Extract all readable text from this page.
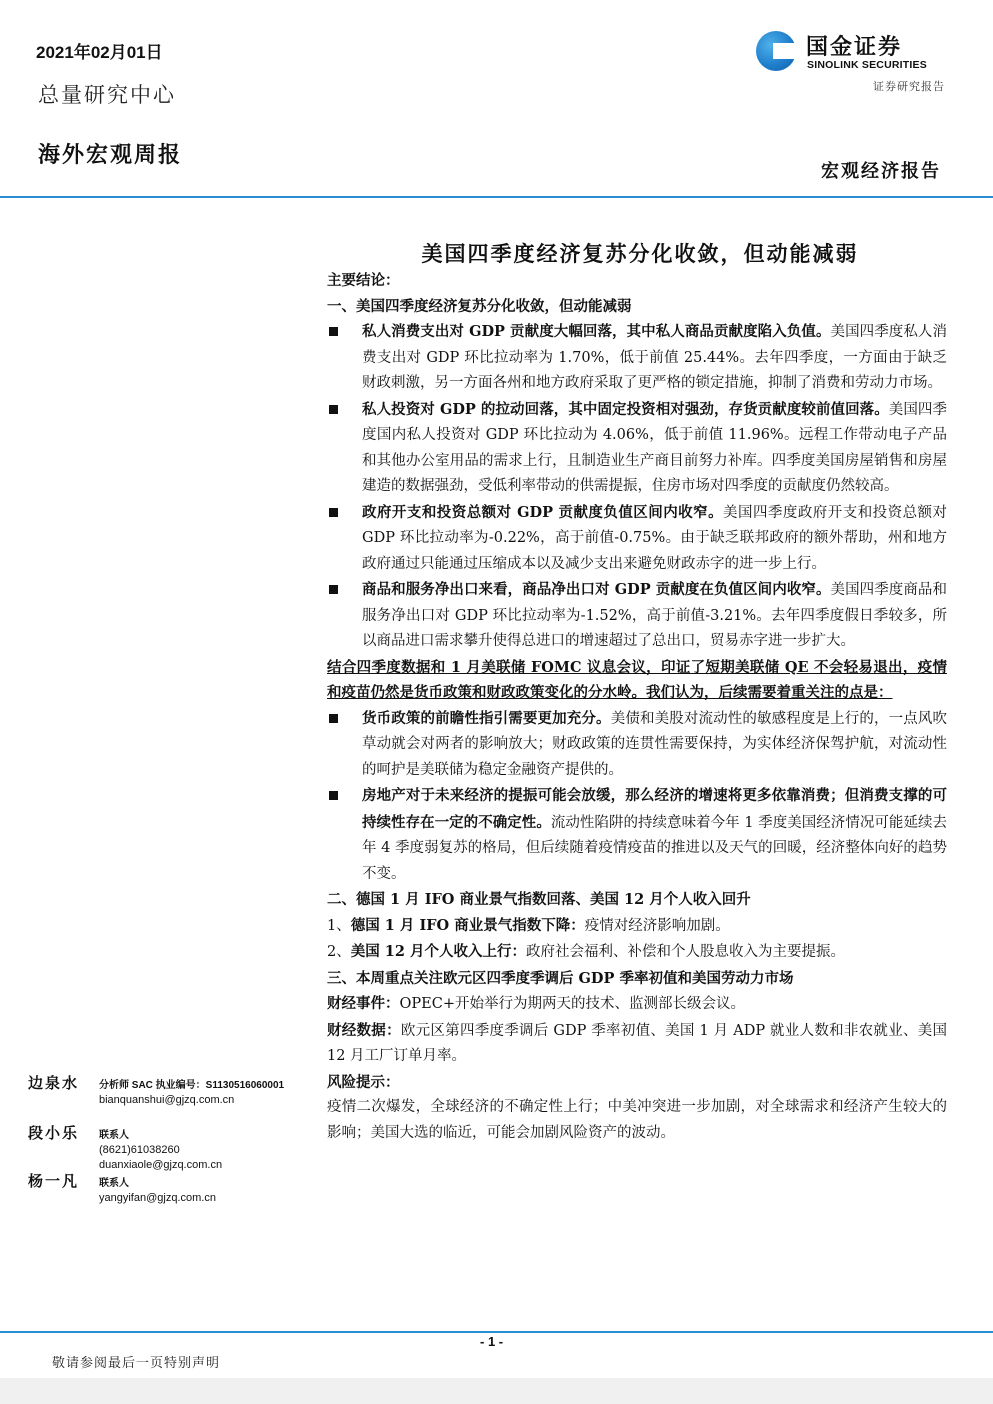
2021年02月01日
总量研究中心
海外宏观周报
国金证券
SINOLINK SECURITIES
证券研究报告
宏观经济报告
美国四季度经济复苏分化收敛，但动能减弱

主要结论：

一、美国四季度经济复苏分化收敛，但动能减弱

私人消费支出对 GDP 贡献度大幅回落，其中私人商品贡献度陷入负值。美国四季度私人消费支出对 GDP 环比拉动率为 1.70%，低于前值 25.44%。去年四季度，一方面由于缺乏财政刺激，另一方面各州和地方政府采取了更严格的锁定措施，抑制了消费和劳动力市场。

私人投资对 GDP 的拉动回落，其中固定投资相对强劲，存货贡献度较前值回落。美国四季度国内私人投资对 GDP 环比拉动为 4.06%，低于前值 11.96%。远程工作带动电子产品和其他办公室用品的需求上行，且制造业生产商目前努力补库。四季度美国房屋销售和房屋建造的数据强劲，受低利率带动的供需提振，住房市场对四季度的贡献度仍然较高。

政府开支和投资总额对 GDP 贡献度负值区间内收窄。美国四季度政府开支和投资总额对 GDP 环比拉动率为-0.22%，高于前值-0.75%。由于缺乏联邦政府的额外帮助，州和地方政府通过只能通过压缩成本以及减少支出来避免财政赤字的进一步上行。

商品和服务净出口来看，商品净出口对 GDP 贡献度在负值区间内收窄。美国四季度商品和服务净出口对 GDP 环比拉动率为-1.52%，高于前值-3.21%。去年四季度假日季较多，所以商品进口需求攀升使得总进口的增速超过了总出口，贸易赤字进一步扩大。

结合四季度数据和 1 月美联储 FOMC 议息会议，印证了短期美联储 QE 不会轻易退出，疫情和疫苗仍然是货币政策和财政政策变化的分水岭。我们认为，后续需要着重关注的点是：

货币政策的前瞻性指引需要更加充分。美债和美股对流动性的敏感程度是上行的，一点风吹草动就会对两者的影响放大；财政政策的连贯性需要保持，为实体经济保驾护航，对流动性的呵护是美联储为稳定金融资产提供的。

房地产对于未来经济的提振可能会放缓，那么经济的增速将更多依靠消费；但消费支撑的可持续性存在一定的不确定性。流动性陷阱的持续意味着今年 1 季度美国经济情况可能延续去年 4 季度弱复苏的格局，但后续随着疫情疫苗的推进以及天气的回暖，经济整体向好的趋势不变。

二、德国 1 月 IFO 商业景气指数回落、美国 12 月个人收入回升

1、德国 1 月 IFO 商业景气指数下降：疫情对经济影响加剧。

2、美国 12 月个人收入上行：政府社会福利、补偿和个人股息收入为主要提振。

三、本周重点关注欧元区四季度季调后 GDP 季率初值和美国劳动力市场

财经事件：OPEC+开始举行为期两天的技术、监测部长级会议。

财经数据：欧元区第四季度季调后 GDP 季率初值、美国 1 月 ADP 就业人数和非农就业、美国 12 月工厂订单月率。

风险提示：

疫情二次爆发，全球经济的不确定性上行；中美冲突进一步加剧，对全球需求和经济产生较大的影响；美国大选的临近，可能会加剧风险资产的波动。

边泉水 分析师 SAC 执业编号：S1130516060001
bianquanshui@gjzq.com.cn
段小乐 联系人
(8621)61038260
duanxiaole@gjzq.com.cn
杨一凡 联系人
yangyifan@gjzq.com.cn
- 1 -
敬请参阅最后一页特别声明
